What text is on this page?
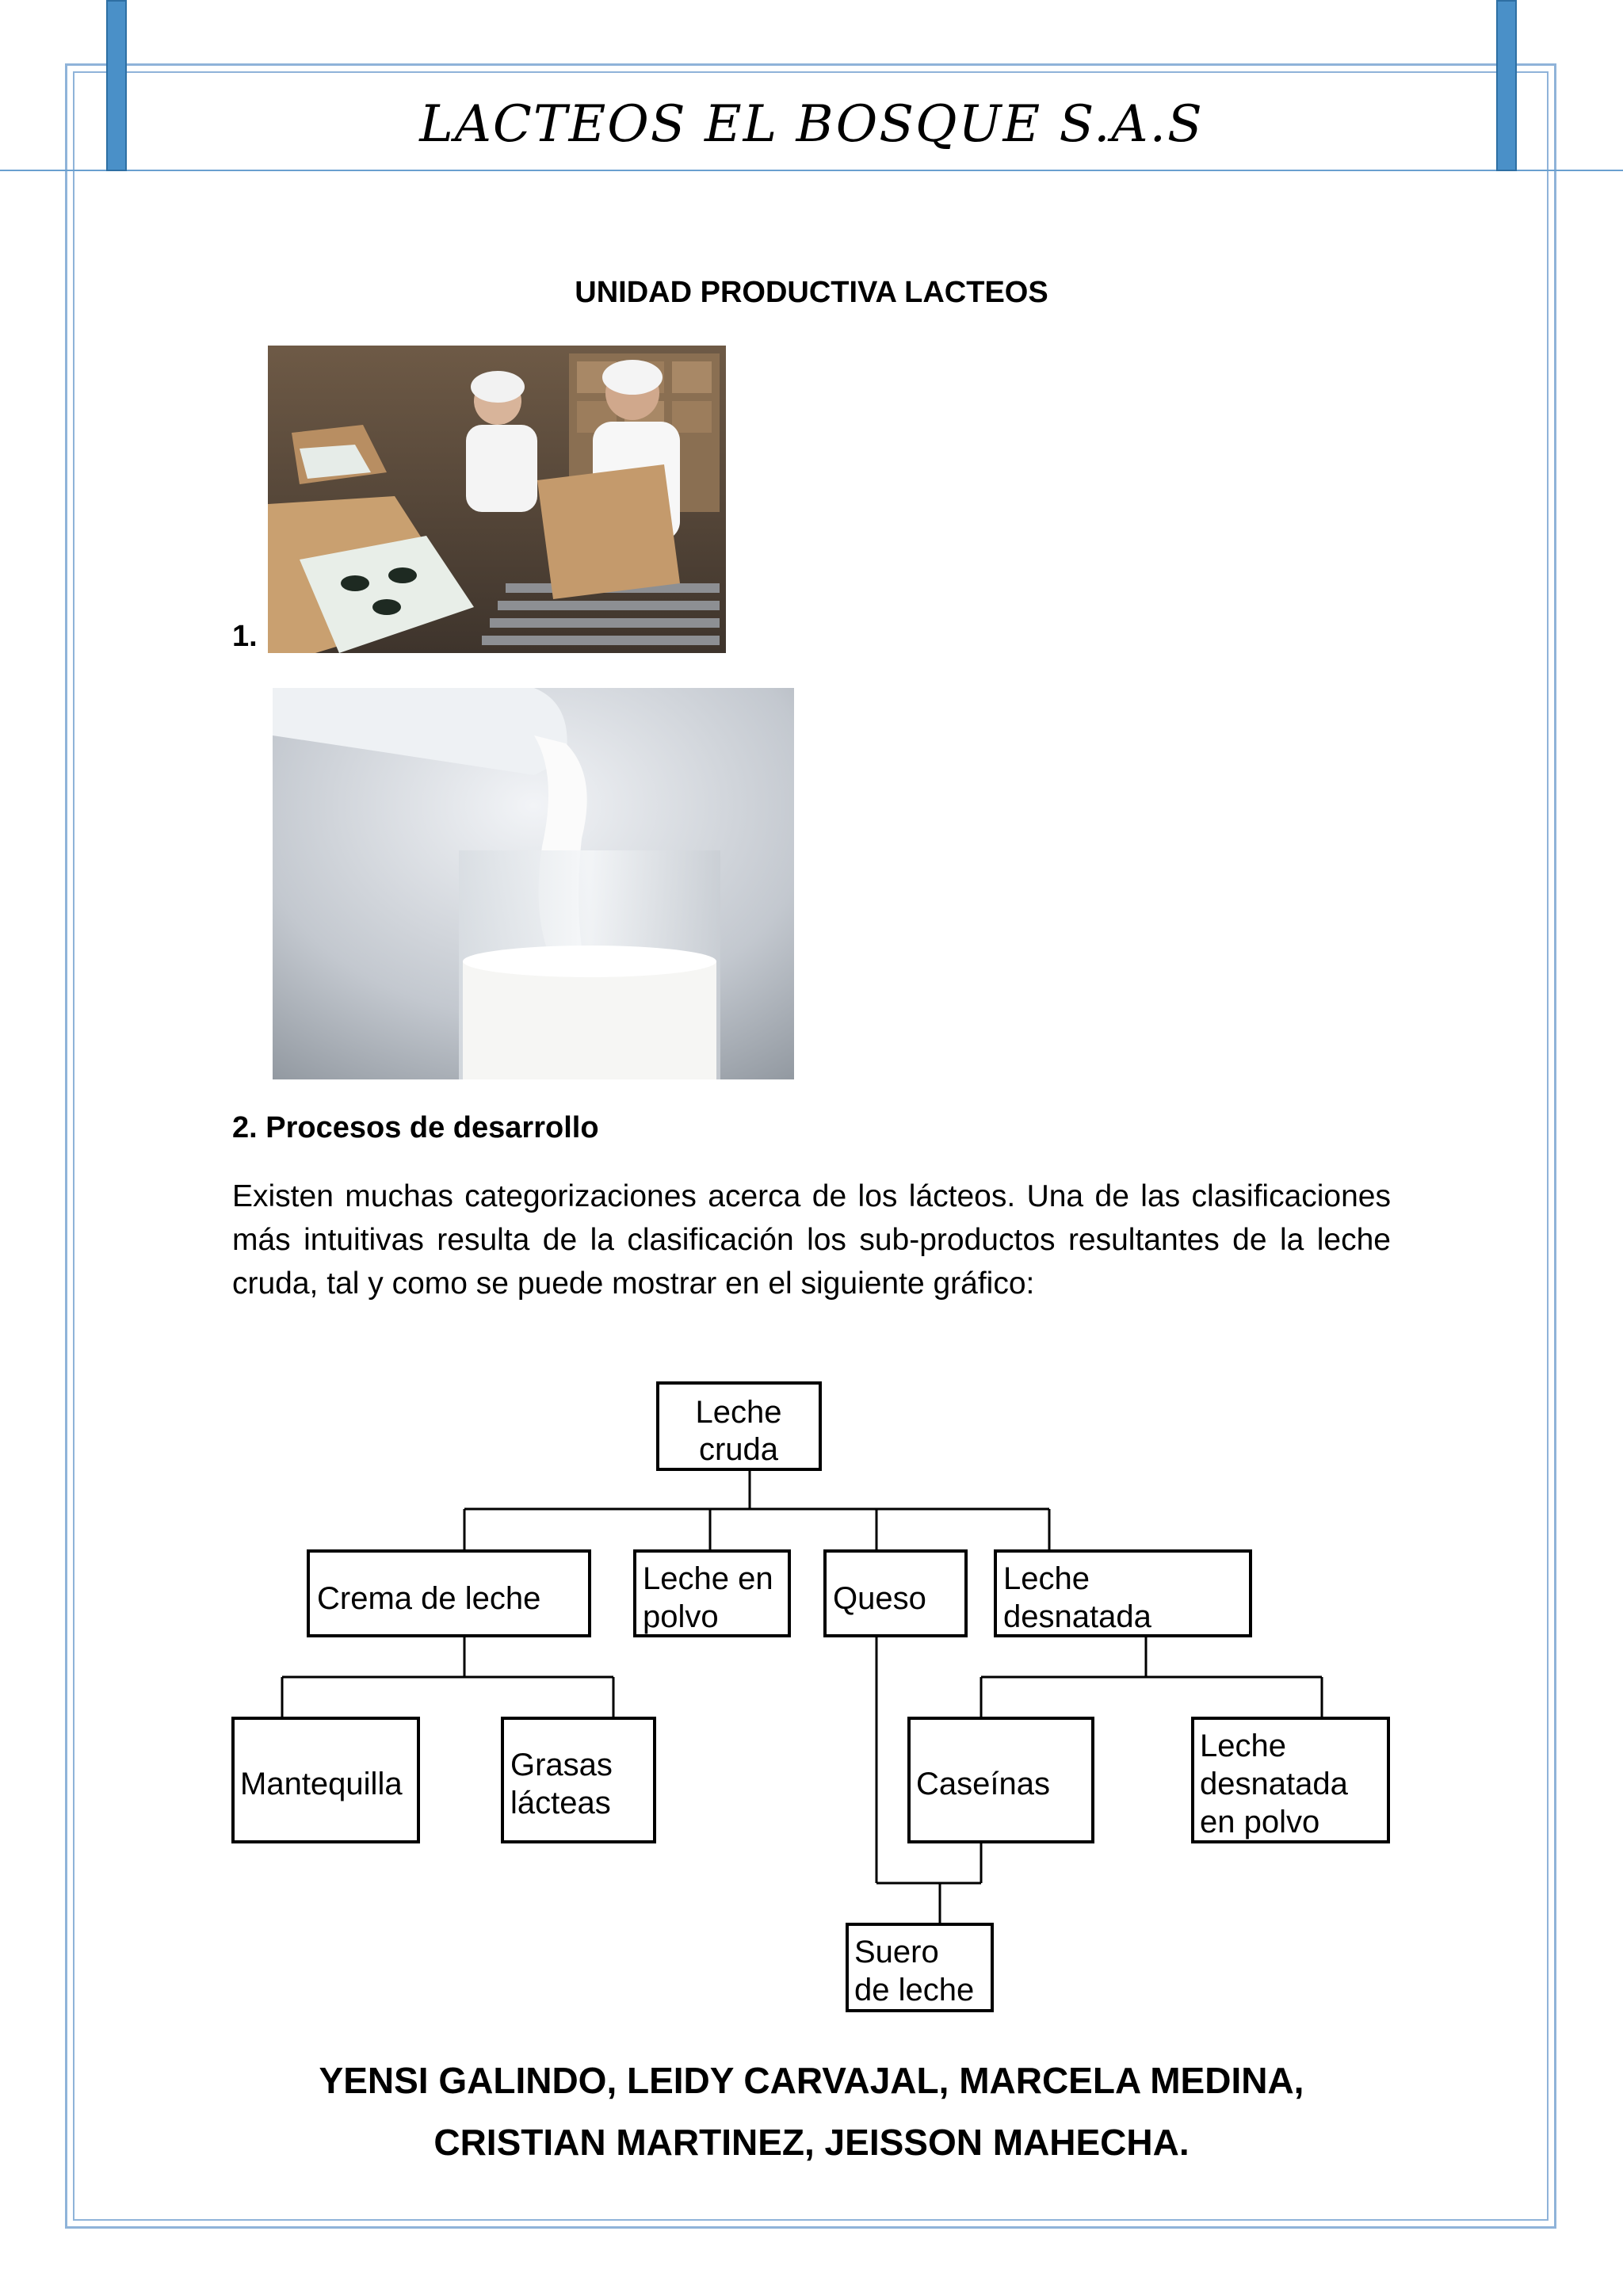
LACTEOS EL BOSQUE S.A.S
UNIDAD PRODUCTIVA LACTEOS
1.
2. Procesos de desarrollo
Existen muchas categorizaciones acerca de los lácteos. Una de las clasificaciones más intuitivas resulta de la clasificación los sub-productos resultantes de la leche cruda, tal y como se puede mostrar en el siguiente gráfico:
Leche
cruda
Crema de leche
Leche en
polvo
Queso
Leche
desnatada
Mantequilla
Grasas
lácteas
Caseínas
Leche
desnatada
en polvo
Suero
de leche
YENSI GALINDO, LEIDY CARVAJAL, MARCELA MEDINA,
CRISTIAN MARTINEZ, JEISSON MAHECHA.
